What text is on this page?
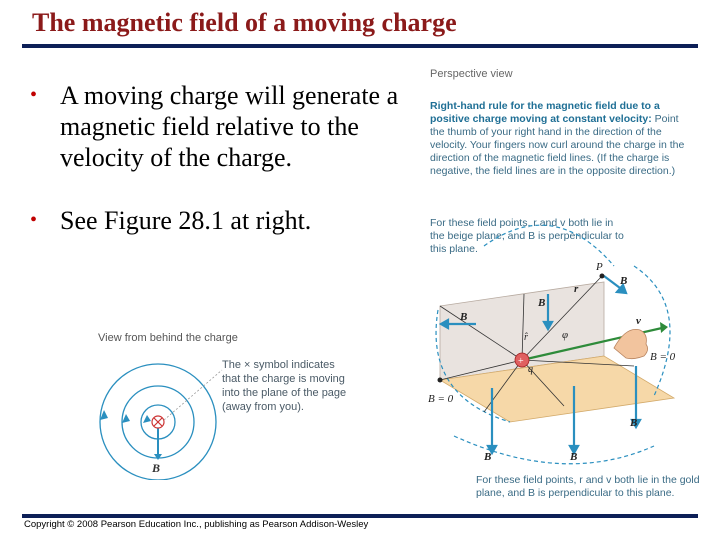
The magnetic field of a moving charge
• A moving charge will generate a magnetic field relative to the velocity of the charge.
• See Figure 28.1 at right.
View from behind the charge
B
The × symbol indicates that the charge is moving into the plane of the page (away from you).
Perspective view
Right-hand rule for the magnetic field due to a positive charge moving at constant velocity: Point the thumb of your right hand in the direction of the velocity. Your fingers now curl around the charge in the direction of the magnetic field lines. (If the charge is negative, the field lines are in the opposite direction.)
For these field points, r and v both lie in the beige plane, and B is perpendicular to this plane.
+
P
q
r
r̂	φ
v
B
B
B
B	B
B
B = 0
B = 0
For these field points, r and v both lie in the gold plane, and B is perpendicular to this plane.
Copyright © 2008 Pearson Education Inc., publishing as Pearson Addison-Wesley
